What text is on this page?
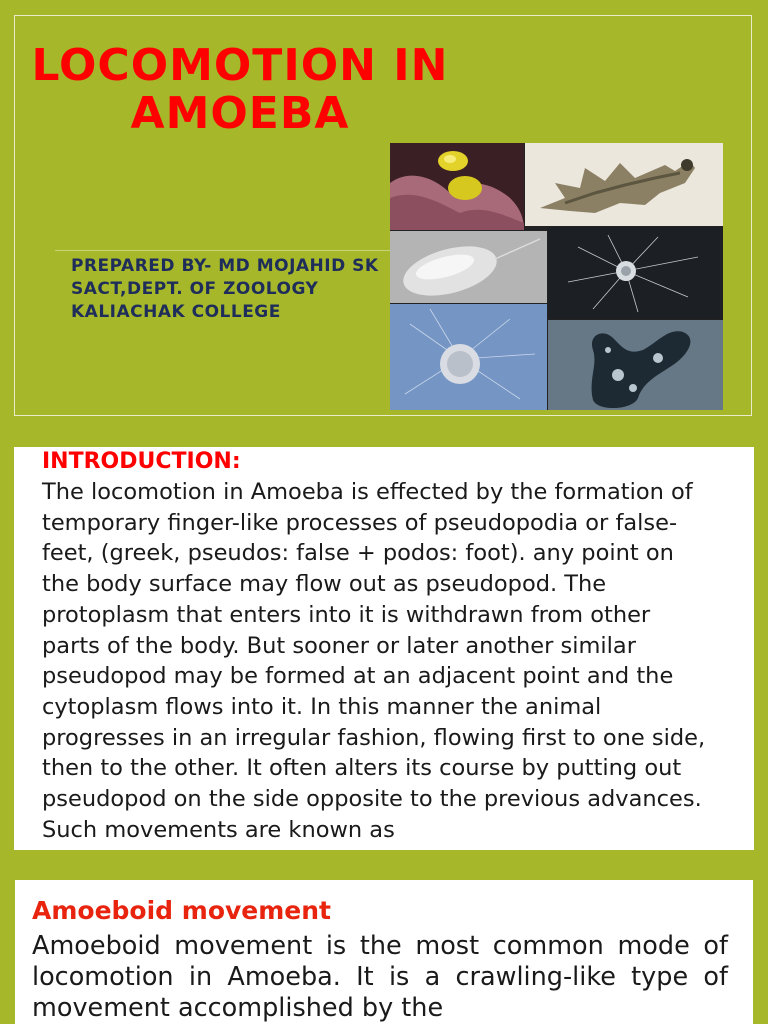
LOCOMOTION IN AMOEBA
PREPARED BY- MD MOJAHID SK
SACT,DEPT. OF ZOOLOGY
KALIACHAK COLLEGE
INTRODUCTION:
The locomotion in Amoeba is effected by the formation of temporary finger-like processes of pseudopodia or false-feet, (greek, pseudos: false + podos: foot). any point on the body surface may flow out as pseudopod. The protoplasm that enters into it is withdrawn from other parts of the body. But sooner or later another similar pseudopod may be formed at an adjacent point and the cytoplasm flows into it. In this manner the animal progresses in an irregular fashion, flowing first to one side, then to the other. It often alters its course by putting out pseudopod on the side opposite to the previous advances. Such movements are known as
Amoeboid movement
Amoeboid movement is the most common mode of locomotion in Amoeba. It is a crawling-like type of movement accomplished by the
